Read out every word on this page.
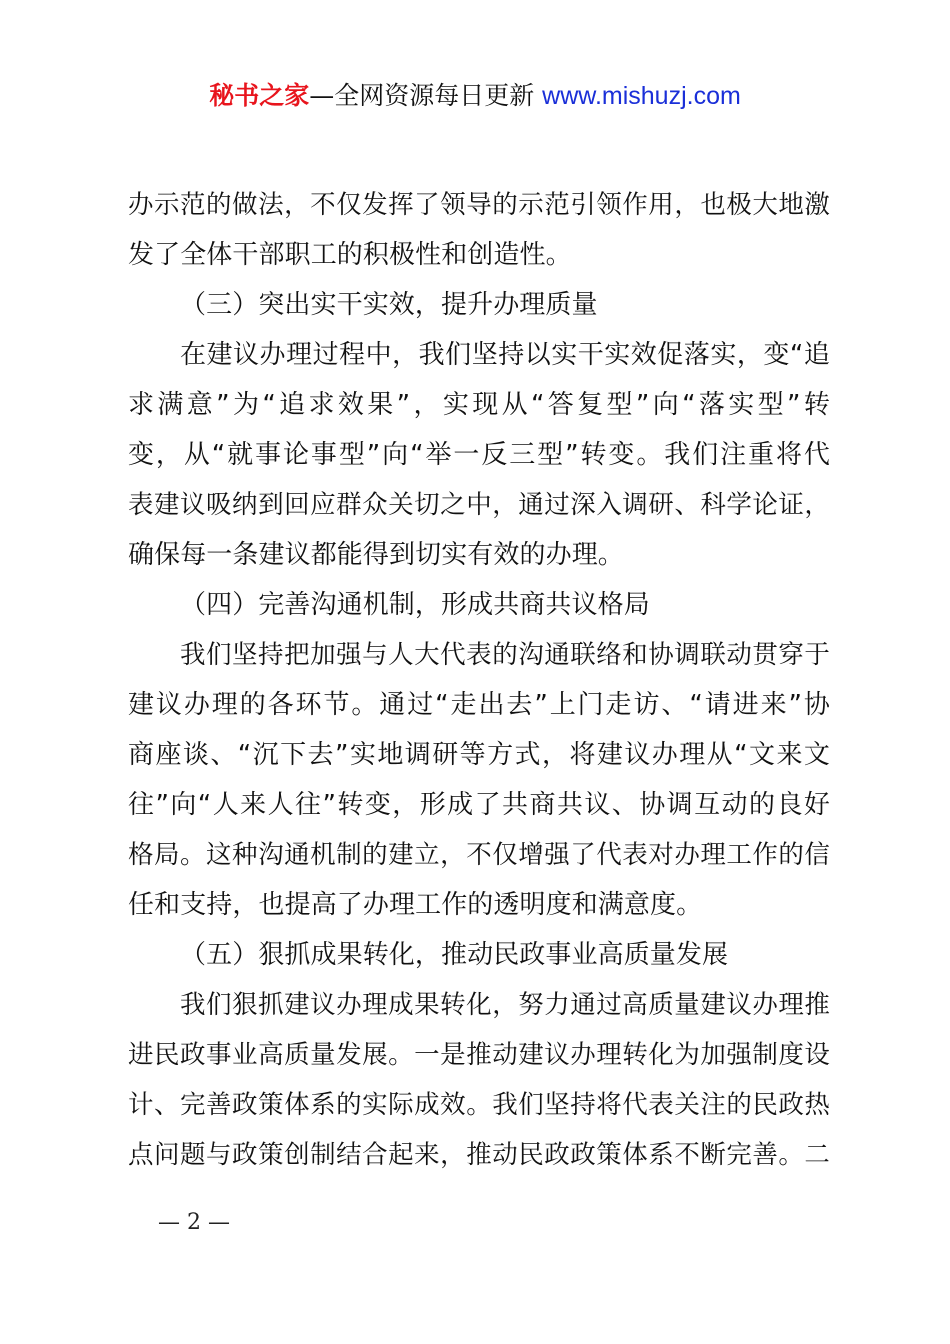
秘书之家—全网资源每日更新 www.mishuzj.com
办示范的做法，不仅发挥了领导的示范引领作用，也极大地激
发了全体干部职工的积极性和创造性。
（三）突出实干实效，提升办理质量
在建议办理过程中，我们坚持以实干实效促落实，变“追
求满意”为“追求效果”，实现从“答复型”向“落实型”转
变，从“就事论事型”向“举一反三型”转变。我们注重将代
表建议吸纳到回应群众关切之中，通过深入调研、科学论证，
确保每一条建议都能得到切实有效的办理。
（四）完善沟通机制，形成共商共议格局
我们坚持把加强与人大代表的沟通联络和协调联动贯穿于
建议办理的各环节。通过“走出去”上门走访、“请进来”协
商座谈、“沉下去”实地调研等方式，将建议办理从“文来文
往”向“人来人往”转变，形成了共商共议、协调互动的良好
格局。这种沟通机制的建立，不仅增强了代表对办理工作的信
任和支持，也提高了办理工作的透明度和满意度。
（五）狠抓成果转化，推动民政事业高质量发展
我们狠抓建议办理成果转化，努力通过高质量建议办理推
进民政事业高质量发展。一是推动建议办理转化为加强制度设
计、完善政策体系的实际成效。我们坚持将代表关注的民政热
点问题与政策创制结合起来，推动民政政策体系不断完善。二
— 2 —
